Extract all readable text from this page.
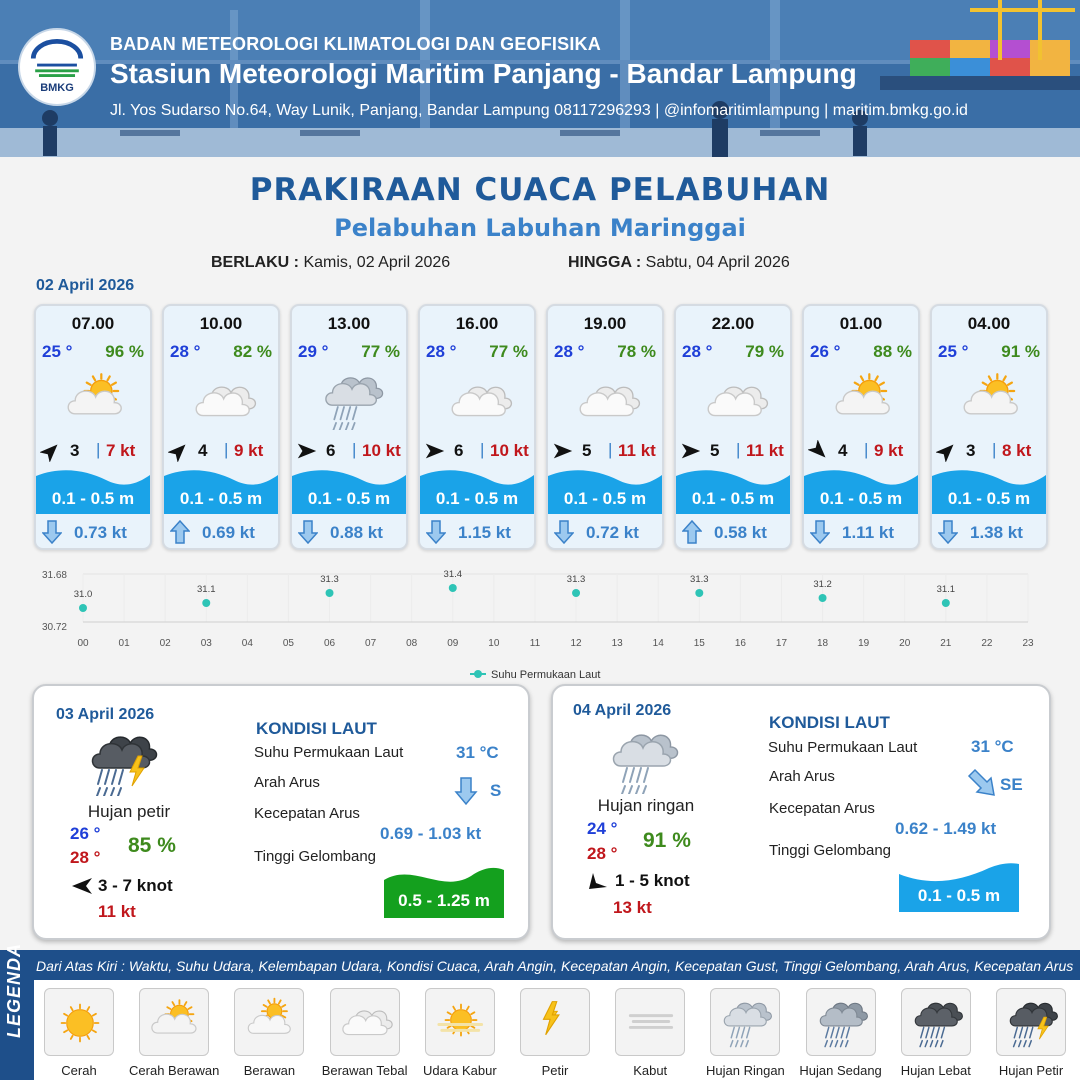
BMKG
BADAN METEOROLOGI KLIMATOLOGI DAN GEOFISIKA
Stasiun Meteorologi Maritim Panjang - Bandar Lampung
Jl. Yos Sudarso No.64, Way Lunik, Panjang, Bandar Lampung 08117296293 | @infomaritimlampung | maritim.bmkg.go.id
PRAKIRAAN CUACA PELABUHAN
Pelabuhan Labuhan Maringgai
BERLAKU : Kamis, 02 April 2026	HINGGA : Sabtu, 04 April 2026
02 April 2026
07.00
25 ° 96 %
3 | 7 kt
0.1 - 0.5 m
0.73 kt
10.00
28 ° 82 %
4 | 9 kt
0.1 - 0.5 m
0.69 kt
13.00
29 ° 77 %
6 | 10 kt
0.1 - 0.5 m
0.88 kt
16.00
28 ° 77 %
6 | 10 kt
0.1 - 0.5 m
1.15 kt
19.00
28 ° 78 %
5 | 11 kt
0.1 - 0.5 m
0.72 kt
22.00
28 ° 79 %
5 | 11 kt
0.1 - 0.5 m
0.58 kt
01.00
26 ° 88 %
4 | 9 kt
0.1 - 0.5 m
1.11 kt
04.00
25 ° 91 %
3 | 8 kt
0.1 - 0.5 m
1.38 kt
31.68
30.72
00	01	02	03	04	05	06	07	08	09	10	11	12	13	14	15	16	17	18	19	20	21	22	23
31.0	31.1
31.3	31.4	31.3	31.3	31.2	31.1
Suhu Permukaan Laut
03 April 2026
Hujan petir
26 °
28 °
85 %
3 - 7 knot
11 kt
KONDISI LAUT
Suhu Permukaan Laut	31 °C
Arah Arus	S
Kecepatan Arus
0.69 - 1.03 kt
Tinggi Gelombang
0.5 - 1.25 m
04 April 2026
Hujan ringan
24 °
28 °
91 %
1 - 5 knot
13 kt
KONDISI LAUT
Suhu Permukaan Laut	31 °C
Arah Arus	SE
Kecepatan Arus
0.62 - 1.49 kt
Tinggi Gelombang
0.1 - 0.5 m
LEGENDA Dari Atas Kiri : Waktu, Suhu Udara, Kelembapan Udara, Kondisi Cuaca, Arah Angin, Kecepatan Angin, Kecepatan Gust, Tinggi Gelombang, Arah Arus, Kecepatan Arus
Cerah	Cerah Berawan	Berawan	Berawan Tebal	Udara Kabur	Petir	Kabut	Hujan Ringan	Hujan Sedang	Hujan Lebat	Hujan Petir
